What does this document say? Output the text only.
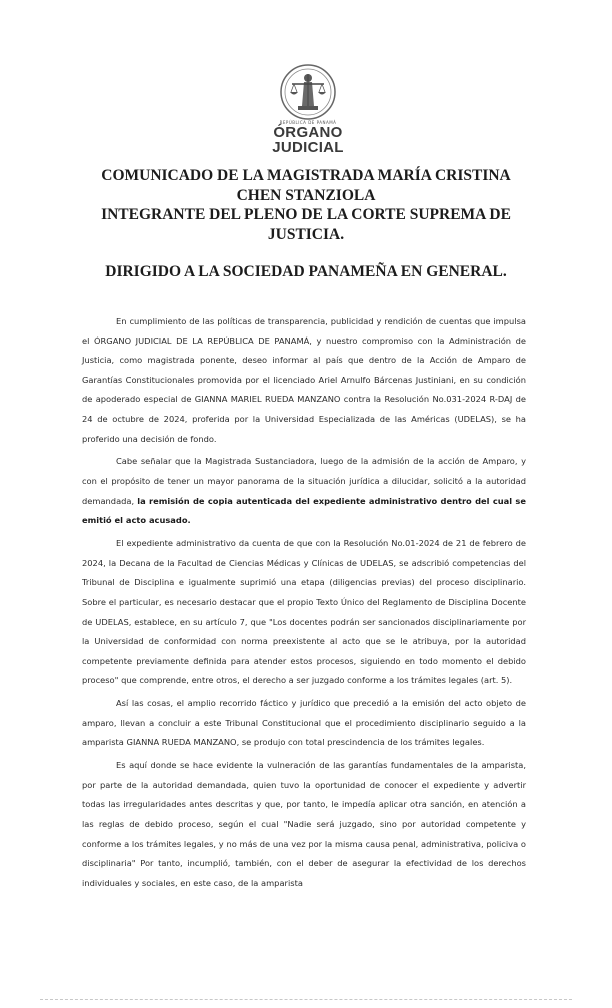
REPÚBLICA DE PANAMÁ
ÓRGANO
JUDICIAL
COMUNICADO DE LA MAGISTRADA MARÍA CRISTINA CHEN STANZIOLA
INTEGRANTE DEL PLENO DE LA CORTE SUPREMA DE JUSTICIA.
DIRIGIDO A LA SOCIEDAD PANAMEÑA EN GENERAL.

En cumplimiento de las políticas de transparencia, publicidad y rendición de cuentas que impulsa el ÓRGANO JUDICIAL DE LA REPÚBLICA DE PANAMÁ, y nuestro compromiso con la Administración de Justicia, como magistrada ponente, deseo informar al país que dentro de la Acción de Amparo de Garantías Constitucionales promovida por el licenciado Ariel Arnulfo Bárcenas Justiniani, en su condición de apoderado especial de GIANNA MARIEL RUEDA MANZANO contra la Resolución No.031-2024 R-DAJ de 24 de octubre de 2024, proferida por la Universidad Especializada de las Américas (UDELAS), se ha proferido una decisión de fondo.

Cabe señalar que la Magistrada Sustanciadora, luego de la admisión de la acción de Amparo, y con el propósito de tener un mayor panorama de la situación jurídica a dilucidar, solicitó a la autoridad demandada, la remisión de copia autenticada del expediente administrativo dentro del cual se emitió el acto acusado.

El expediente administrativo da cuenta de que con la Resolución No.01-2024 de 21 de febrero de 2024, la Decana de la Facultad de Ciencias Médicas y Clínicas de UDELAS, se adscribió competencias del Tribunal de Disciplina e igualmente suprimió una etapa (diligencias previas) del proceso disciplinario. Sobre el particular, es necesario destacar que el propio Texto Único del Reglamento de Disciplina Docente de UDELAS, establece, en su artículo 7, que "Los docentes podrán ser sancionados disciplinariamente por la Universidad de conformidad con norma preexistente al acto que se le atribuya, por la autoridad competente previamente definida para atender estos procesos, siguiendo en todo momento el debido proceso" que comprende, entre otros, el derecho a ser juzgado conforme a los trámites legales (art. 5).

Así las cosas, el amplio recorrido fáctico y jurídico que precedió a la emisión del acto objeto de amparo, llevan a concluir a este Tribunal Constitucional que el procedimiento disciplinario seguido a la amparista GIANNA RUEDA MANZANO, se produjo con total prescindencia de los trámites legales.

Es aquí donde se hace evidente la vulneración de las garantías fundamentales de la amparista, por parte de la autoridad demandada, quien tuvo la oportunidad de conocer el expediente y advertir todas las irregularidades antes descritas y que, por tanto, le impedía aplicar otra sanción, en atención a las reglas de debido proceso, según el cual "Nadie será juzgado, sino por autoridad competente y conforme a los trámites legales, y no más de una vez por la misma causa penal, administrativa, policiva o disciplinaria" Por tanto, incumplió, también, con el deber de asegurar la efectividad de los derechos individuales y sociales, en este caso, de la amparista
